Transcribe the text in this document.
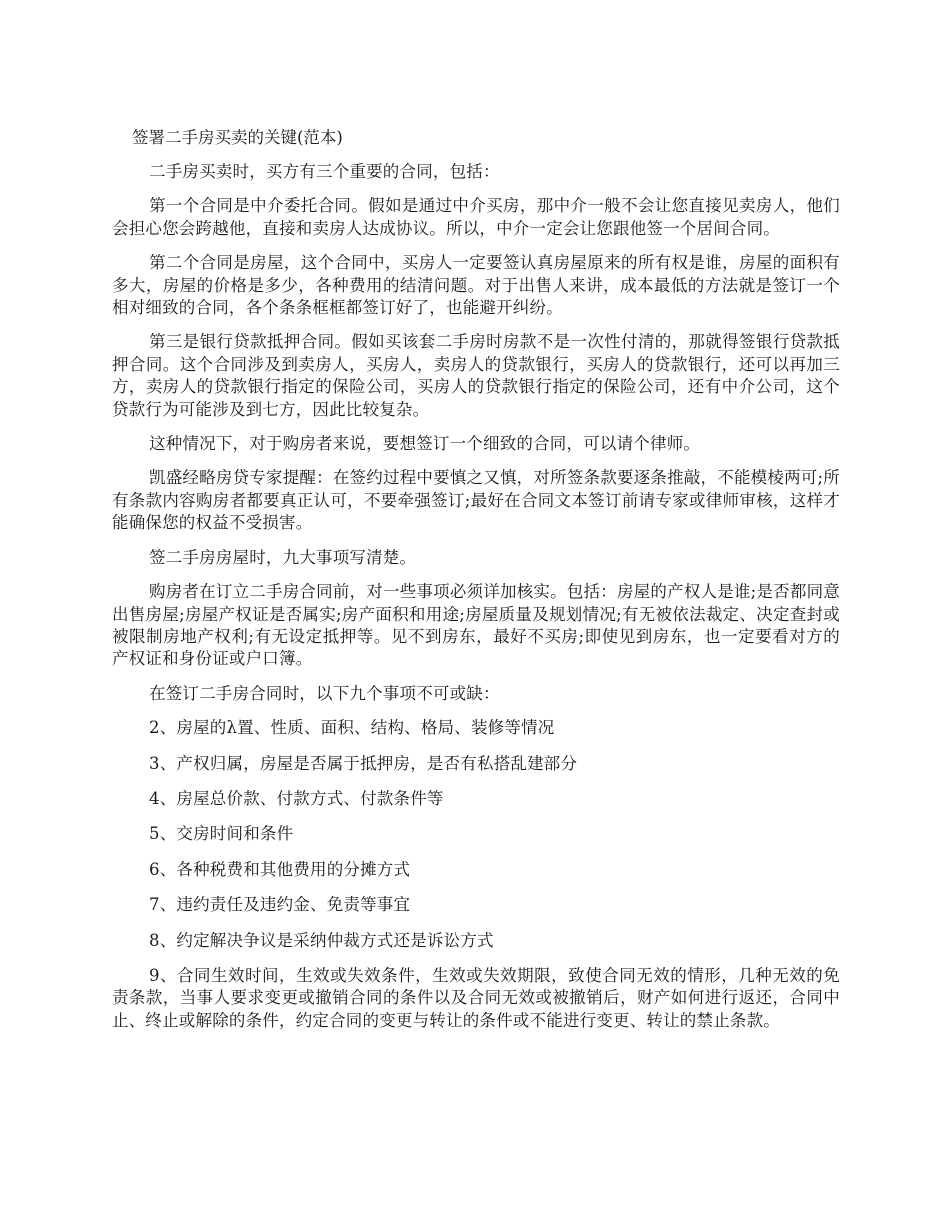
签署二手房买卖的关键(范本)

二手房买卖时，买方有三个重要的合同，包括：

第一个合同是中介委托合同。假如是通过中介买房，那中介一般不会让您直接见卖房人，他们会担心您会跨越他，直接和卖房人达成协议。所以，中介一定会让您跟他签一个居间合同。

第二个合同是房屋，这个合同中，买房人一定要签认真房屋原来的所有权是谁，房屋的面积有多大，房屋的价格是多少，各种费用的结清问题。对于出售人来讲，成本最低的方法就是签订一个相对细致的合同，各个条条框框都签订好了，也能避开纠纷。

第三是银行贷款抵押合同。假如买该套二手房时房款不是一次性付清的，那就得签银行贷款抵押合同。这个合同涉及到卖房人，买房人，卖房人的贷款银行，买房人的贷款银行，还可以再加三方，卖房人的贷款银行指定的保险公司，买房人的贷款银行指定的保险公司，还有中介公司，这个贷款行为可能涉及到七方，因此比较复杂。

这种情况下，对于购房者来说，要想签订一个细致的合同，可以请个律师。

凯盛经略房贷专家提醒：在签约过程中要慎之又慎，对所签条款要逐条推敲，不能模棱两可;所有条款内容购房者都要真正认可，不要牵强签订;最好在合同文本签订前请专家或律师审核，这样才能确保您的权益不受损害。

签二手房房屋时，九大事项写清楚。

购房者在订立二手房合同前，对一些事项必须详加核实。包括：房屋的产权人是谁;是否都同意出售房屋;房屋产权证是否属实;房产面积和用途;房屋质量及规划情况;有无被依法裁定、决定查封或被限制房地产权利;有无设定抵押等。见不到房东，最好不买房;即使见到房东，也一定要看对方的产权证和身份证或户口簿。

在签订二手房合同时，以下九个事项不可或缺：

2、房屋的λ置、性质、面积、结构、格局、装修等情况

3、产权归属，房屋是否属于抵押房，是否有私搭乱建部分

4、房屋总价款、付款方式、付款条件等

5、交房时间和条件

6、各种税费和其他费用的分摊方式

7、违约责任及违约金、免责等事宜

8、约定解决争议是采纳仲裁方式还是诉讼方式

9、合同生效时间，生效或失效条件，生效或失效期限，致使合同无效的情形，几种无效的免责条款，当事人要求变更或撤销合同的条件以及合同无效或被撤销后，财产如何进行返还，合同中止、终止或解除的条件，约定合同的变更与转让的条件或不能进行变更、转让的禁止条款。
